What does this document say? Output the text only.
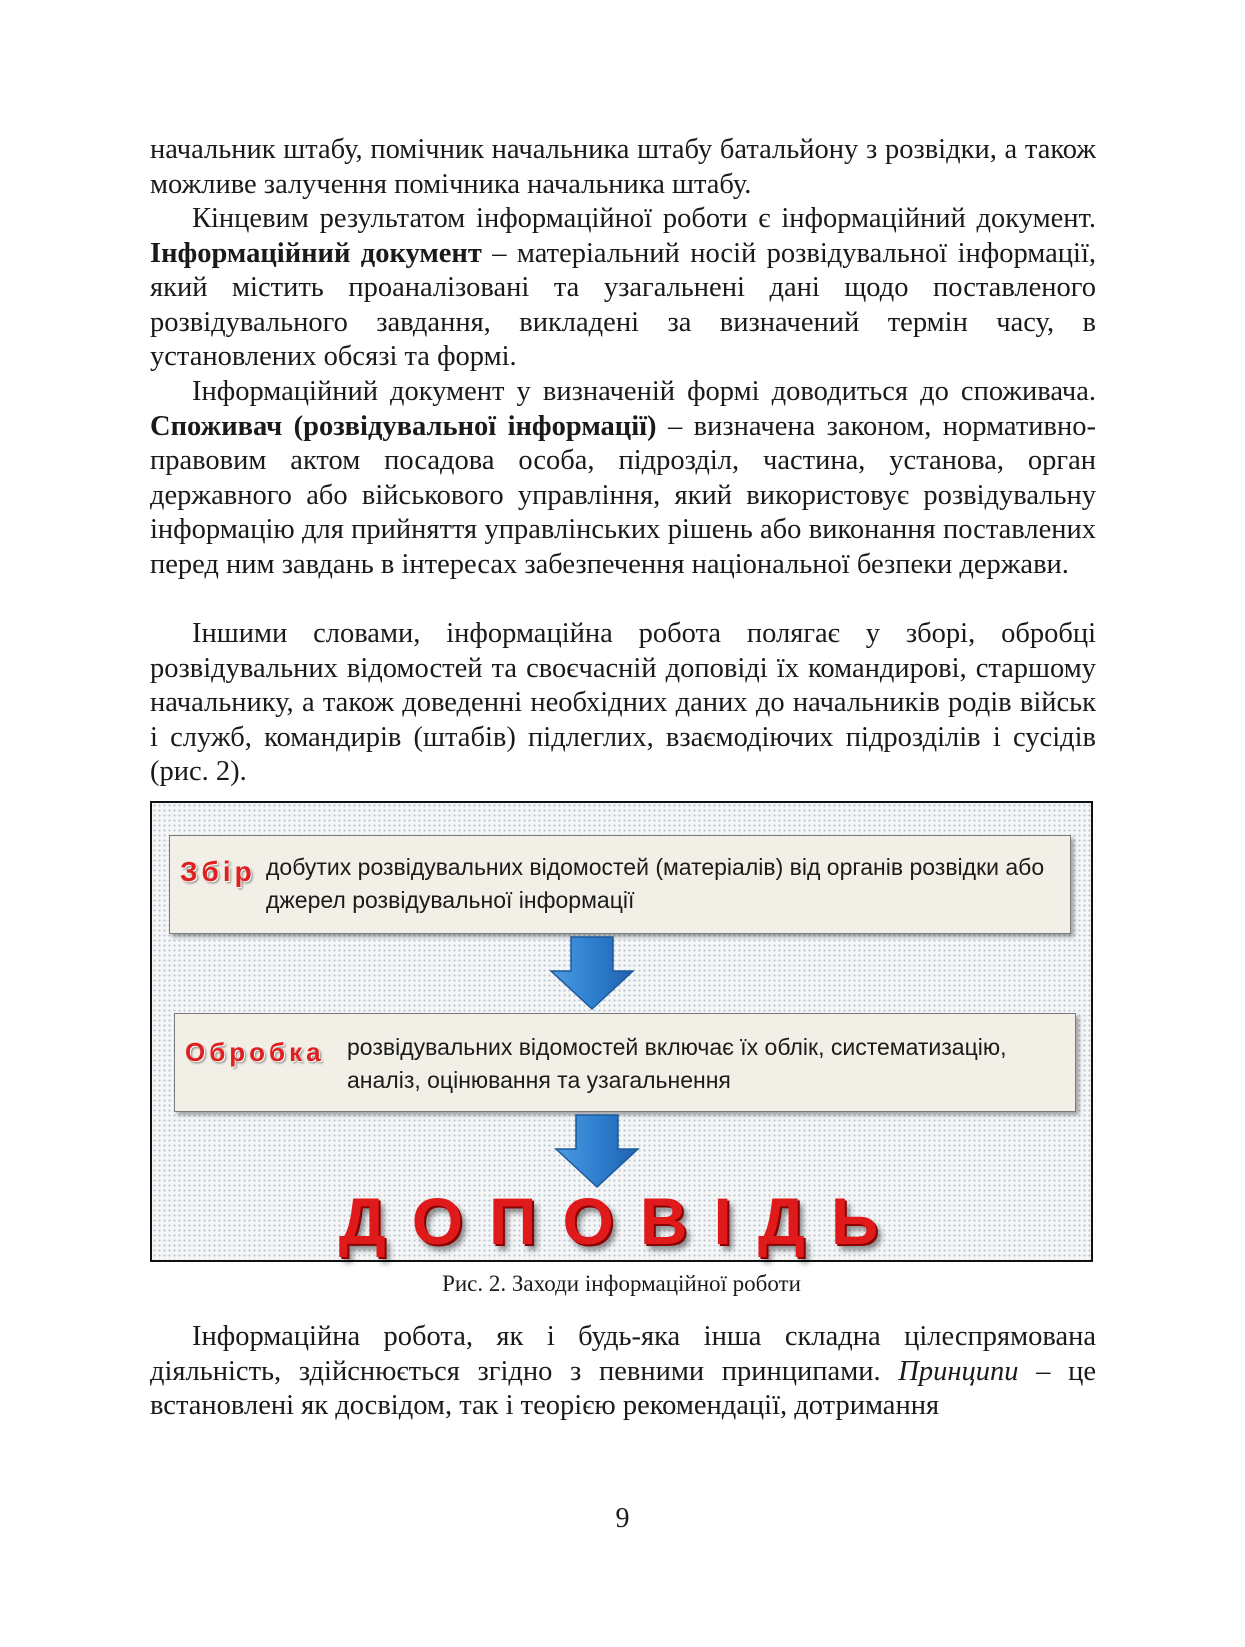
начальник штабу, помічник начальника штабу батальйону з розвідки, а також можливе залучення помічника начальника штабу.

Кінцевим результатом інформаційної роботи є інформаційний документ. Інформаційний документ – матеріальний носій розвідувальної інформації, який містить проаналізовані та узагальнені дані щодо поставленого розвідувального завдання, викладені за визначений термін часу, в установлених обсязі та формі.

Інформаційний документ у визначеній формі доводиться до споживача. Споживач (розвідувальної інформації) – визначена законом, нормативно-правовим актом посадова особа, підрозділ, частина, установа, орган державного або військового управління, який використовує розвідувальну інформацію для прийняття управлінських рішень або виконання поставлених перед ним завдань в інтересах забезпечення національної безпеки держави.

Іншими словами, інформаційна робота полягає у зборі, обробці розвідувальних відомостей та своєчасній доповіді їх командирові, старшому начальнику, а також доведенні необхідних даних до начальників родів військ і служб, командирів (штабів) підлеглих, взаємодіючих підрозділів і сусідів (рис. 2).

Збір добутих розвідувальних відомостей (матеріалів) від органів розвідки або джерел розвідувальної інформації
Обробка розвідувальних відомостей включає їх облік, систематизацію, аналіз, оцінювання та узагальнення
ДОПОВІДЬ
Рис. 2. Заходи інформаційної роботи

Інформаційна робота, як і будь-яка інша складна цілеспрямована діяльність, здійснюється згідно з певними принципами. Принципи – це встановлені як досвідом, так і теорією рекомендації, дотримання

9
